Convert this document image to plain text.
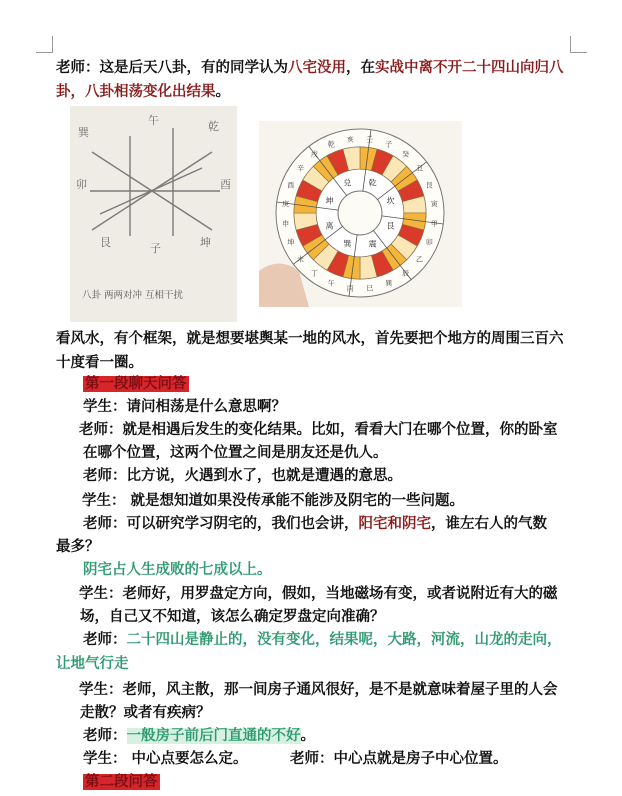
老师：这是后天八卦，有的同学认为八宅没用，在实战中离不开二十四山向归八
卦，八卦相荡变化出结果。
午
子
卯	酉
艮	坤
乾
巽
八卦 两两对冲 互相干扰
壬
子
癸
丑
艮
寅
甲
卯
乙
辰
巽
巳
丙
午
丁
未
坤
申
庚
酉
辛
戌
乾
亥
乾
坎
艮
震
巽
离
坤
兑
看风水，有个框架，就是想要堪舆某一地的风水，首先要把个地方的周围三百六
十度看一圈。
第一段聊天问答
学生：请问相荡是什么意思啊？
老师：就是相遇后发生的变化结果。比如，看看大门在哪个位置，你的卧室
在哪个位置，这两个位置之间是朋友还是仇人。
老师：比方说，火遇到水了，也就是遭遇的意思。
学生： 就是想知道如果没传承能不能涉及阴宅的一些问题。
老师：可以研究学习阴宅的，我们也会讲，阳宅和阴宅，谁左右人的气数
最多？
阴宅占人生成败的七成以上。
学生：老师好，用罗盘定方向，假如，当地磁场有变，或者说附近有大的磁
场，自己又不知道，该怎么确定罗盘定向准确？
老师：二十四山是静止的，没有变化，结果呢，大路，河流，山龙的走向，
让地气行走
学生：老师，风主散，那一间房子通风很好，是不是就意味着屋子里的人会
走散？或者有疾病？
老师：一般房子前后门直通的不好。
学生： 中心点要怎么定。	老师：中心点就是房子中心位置。
第二段问答
